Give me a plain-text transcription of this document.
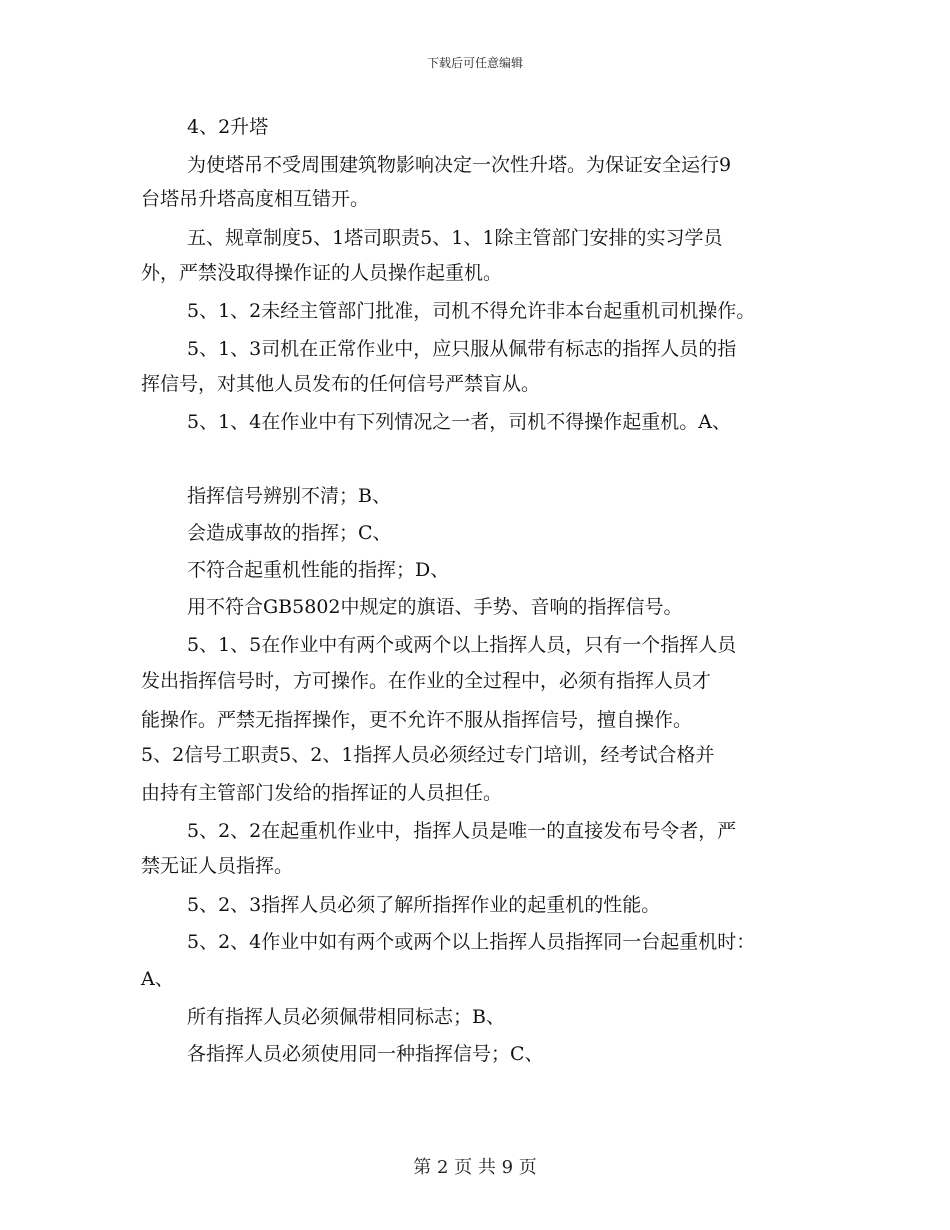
下载后可任意编辑
4、2升塔
为使塔吊不受周围建筑物影响决定一次性升塔。为保证安全运行9
台塔吊升塔高度相互错开。
五、规章制度5、1塔司职责5、1、1除主管部门安排的实习学员
外，严禁没取得操作证的人员操作起重机。
5、1、2未经主管部门批准，司机不得允许非本台起重机司机操作。
5、1、3司机在正常作业中，应只服从佩带有标志的指挥人员的指
挥信号，对其他人员发布的任何信号严禁盲从。
5、1、4在作业中有下列情况之一者，司机不得操作起重机。A、
指挥信号辨别不清；B、
会造成事故的指挥；C、
不符合起重机性能的指挥；D、
用不符合GB5802中规定的旗语、手势、音响的指挥信号。
5、1、5在作业中有两个或两个以上指挥人员，只有一个指挥人员
发出指挥信号时，方可操作。在作业的全过程中，必须有指挥人员才
能操作。严禁无指挥操作，更不允许不服从指挥信号，擅自操作。
5、2信号工职责5、2、1指挥人员必须经过专门培训，经考试合格并
由持有主管部门发给的指挥证的人员担任。
5、2、2在起重机作业中，指挥人员是唯一的直接发布号令者，严
禁无证人员指挥。
5、2、3指挥人员必须了解所指挥作业的起重机的性能。
5、2、4作业中如有两个或两个以上指挥人员指挥同一台起重机时：
A、
所有指挥人员必须佩带相同标志；B、
各指挥人员必须使用同一种指挥信号；C、
第 2 页 共 9 页
